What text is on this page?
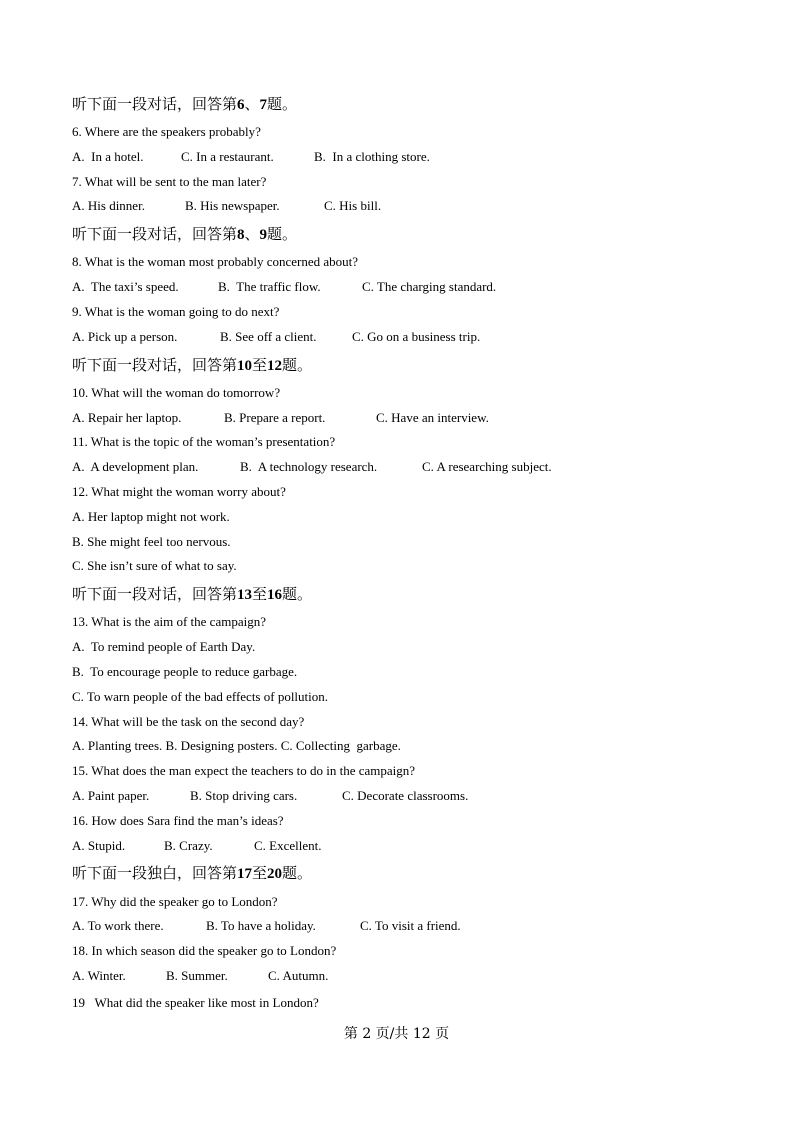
听下面一段对话，回答第6、7题。
6. Where are the speakers probably?
A.  In a hotel.	C. In a restaurant.	B.  In a clothing store.
7. What will be sent to the man later?
A. His dinner.	B. His newspaper.	C. His bill.
听下面一段对话，回答第8、9题。
8. What is the woman most probably concerned about?
A.  The taxi’s speed.	B.  The traffic flow.	C. The charging standard.
9. What is the woman going to do next?
A. Pick up a person.	B. See off a client.	C. Go on a business trip.
听下面一段对话，回答第10至12题。
10. What will the woman do tomorrow?
A. Repair her laptop.	B. Prepare a report.	C. Have an interview.
11. What is the topic of the woman’s presentation?
A.  A development plan.	B.  A technology research.	C. A researching subject.
12. What might the woman worry about?
A. Her laptop might not work.
B. She might feel too nervous.
C. She isn’t sure of what to say.
听下面一段对话，回答第13至16题。
13. What is the aim of the campaign?
A.  To remind people of Earth Day.
B.  To encourage people to reduce garbage.
C. To warn people of the bad effects of pollution.
14. What will be the task on the second day?
A. Planting trees. B. Designing posters. C. Collecting  garbage.
15. What does the man expect the teachers to do in the campaign?
A. Paint paper.	B. Stop driving cars.	C. Decorate classrooms.
16. How does Sara find the man’s ideas?
A. Stupid.	B. Crazy.	C. Excellent.
听下面一段独白，回答第17至20题。
17. Why did the speaker go to London?
A. To work there.	B. To have a holiday.	C. To visit a friend.
18. In which season did the speaker go to London?
A. Winter.	B. Summer.	C. Autumn.
19   What did the speaker like most in London?
第 2 页/共 12 页
